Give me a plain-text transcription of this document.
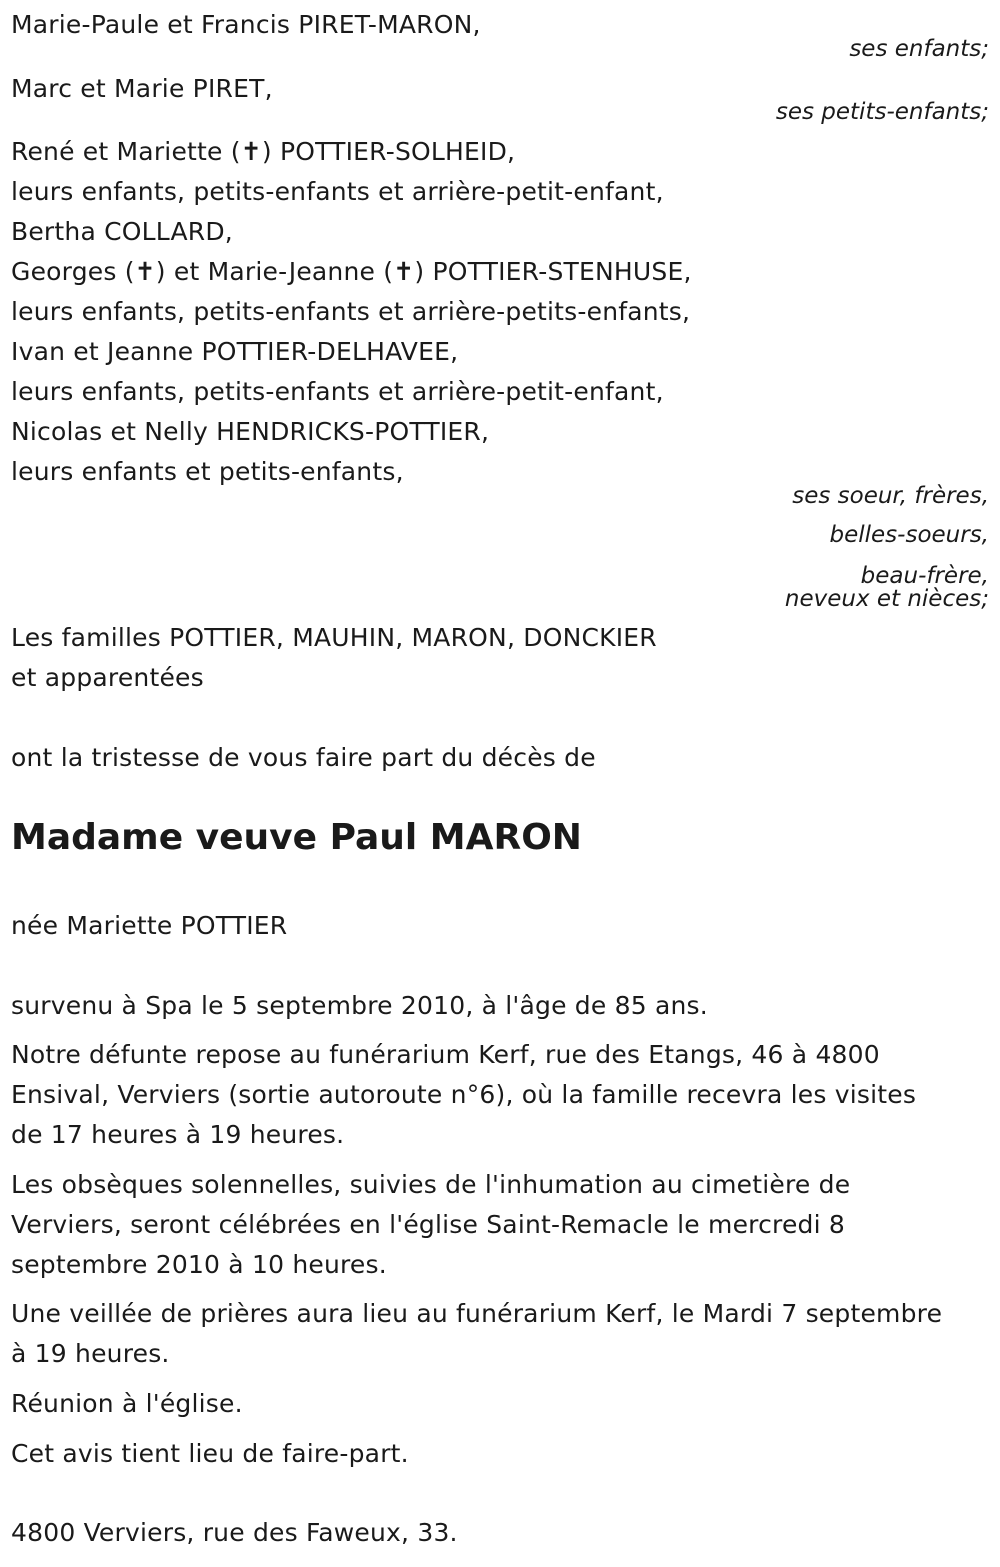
Marie-Paule et Francis PIRET-MARON,
ses enfants;
Marc et Marie PIRET,
ses petits-enfants;
René et Mariette (✝) POTTIER-SOLHEID,
leurs enfants, petits-enfants et arrière-petit-enfant,
Bertha COLLARD,
Georges (✝) et Marie-Jeanne (✝) POTTIER-STENHUSE,
leurs enfants, petits-enfants et arrière-petits-enfants,
Ivan et Jeanne POTTIER-DELHAVEE,
leurs enfants, petits-enfants et arrière-petit-enfant,
Nicolas et Nelly HENDRICKS-POTTIER,
leurs enfants et petits-enfants,
ses soeur, frères,
belles-soeurs,
beau-frère,
neveux et nièces;
Les familles POTTIER, MAUHIN, MARON, DONCKIER
et apparentées
ont la tristesse de vous faire part du décès de
Madame veuve Paul MARON
née Mariette POTTIER
survenu à Spa le 5 septembre 2010, à l'âge de 85 ans.
Notre défunte repose au funérarium Kerf, rue des Etangs, 46 à 4800
Ensival, Verviers (sortie autoroute n°6), où la famille recevra les visites
de 17 heures à 19 heures.
Les obsèques solennelles, suivies de l'inhumation au cimetière de
Verviers, seront célébrées en l'église Saint-Remacle le mercredi 8
septembre 2010 à 10 heures.
Une veillée de prières aura lieu au funérarium Kerf, le Mardi 7 septembre
à 19 heures.
Réunion à l'église.
Cet avis tient lieu de faire-part.
4800 Verviers, rue des Faweux, 33.
